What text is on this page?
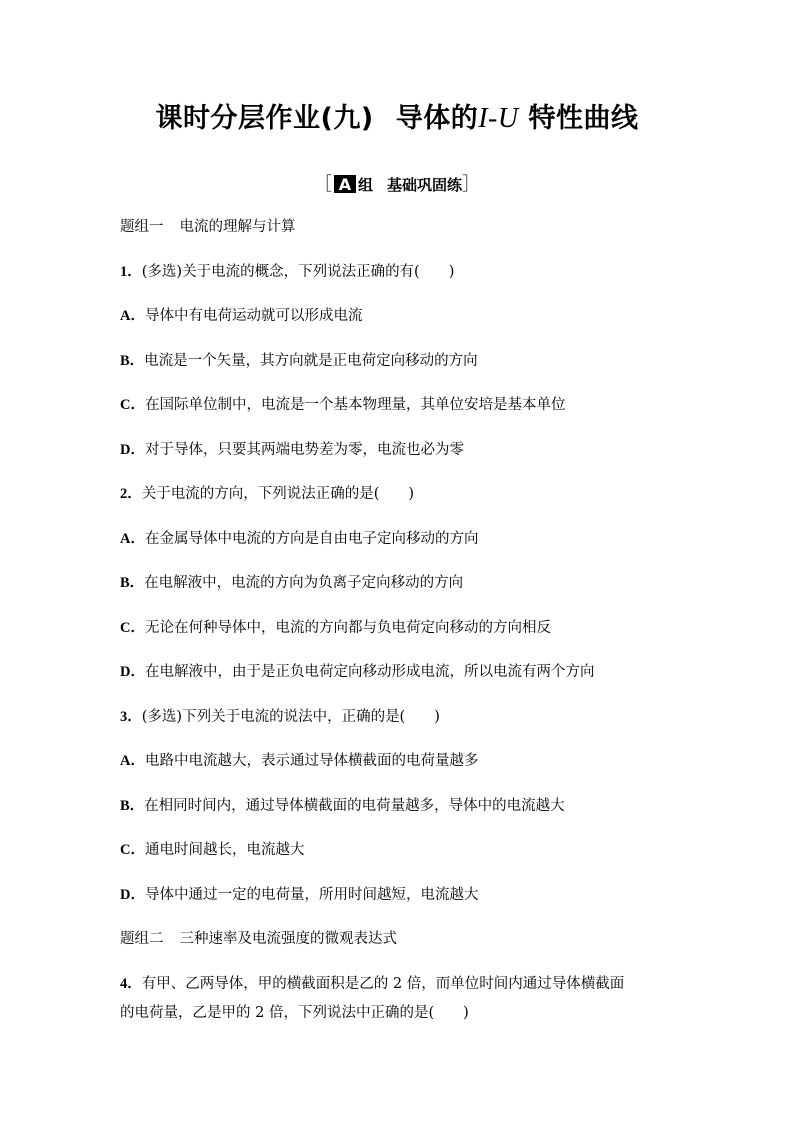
课时分层作业(九) 导体的I-U 特性曲线
［ A 组 基础巩固练］
题组一 电流的理解与计算
1．(多选)关于电流的概念，下列说法正确的有(　　)
A．导体中有电荷运动就可以形成电流
B．电流是一个矢量，其方向就是正电荷定向移动的方向
C．在国际单位制中，电流是一个基本物理量，其单位安培是基本单位
D．对于导体，只要其两端电势差为零，电流也必为零
2．关于电流的方向，下列说法正确的是(　　)
A．在金属导体中电流的方向是自由电子定向移动的方向
B．在电解液中，电流的方向为负离子定向移动的方向
C．无论在何种导体中，电流的方向都与负电荷定向移动的方向相反
D．在电解液中，由于是正负电荷定向移动形成电流，所以电流有两个方向
3．(多选)下列关于电流的说法中，正确的是(　　)
A．电路中电流越大，表示通过导体横截面的电荷量越多
B．在相同时间内，通过导体横截面的电荷量越多，导体中的电流越大
C．通电时间越长，电流越大
D．导体中通过一定的电荷量，所用时间越短，电流越大
题组二 三种速率及电流强度的微观表达式
4．有甲、乙两导体，甲的横截面积是乙的 2 倍，而单位时间内通过导体横截面
的电荷量，乙是甲的 2 倍，下列说法中正确的是(　　)
